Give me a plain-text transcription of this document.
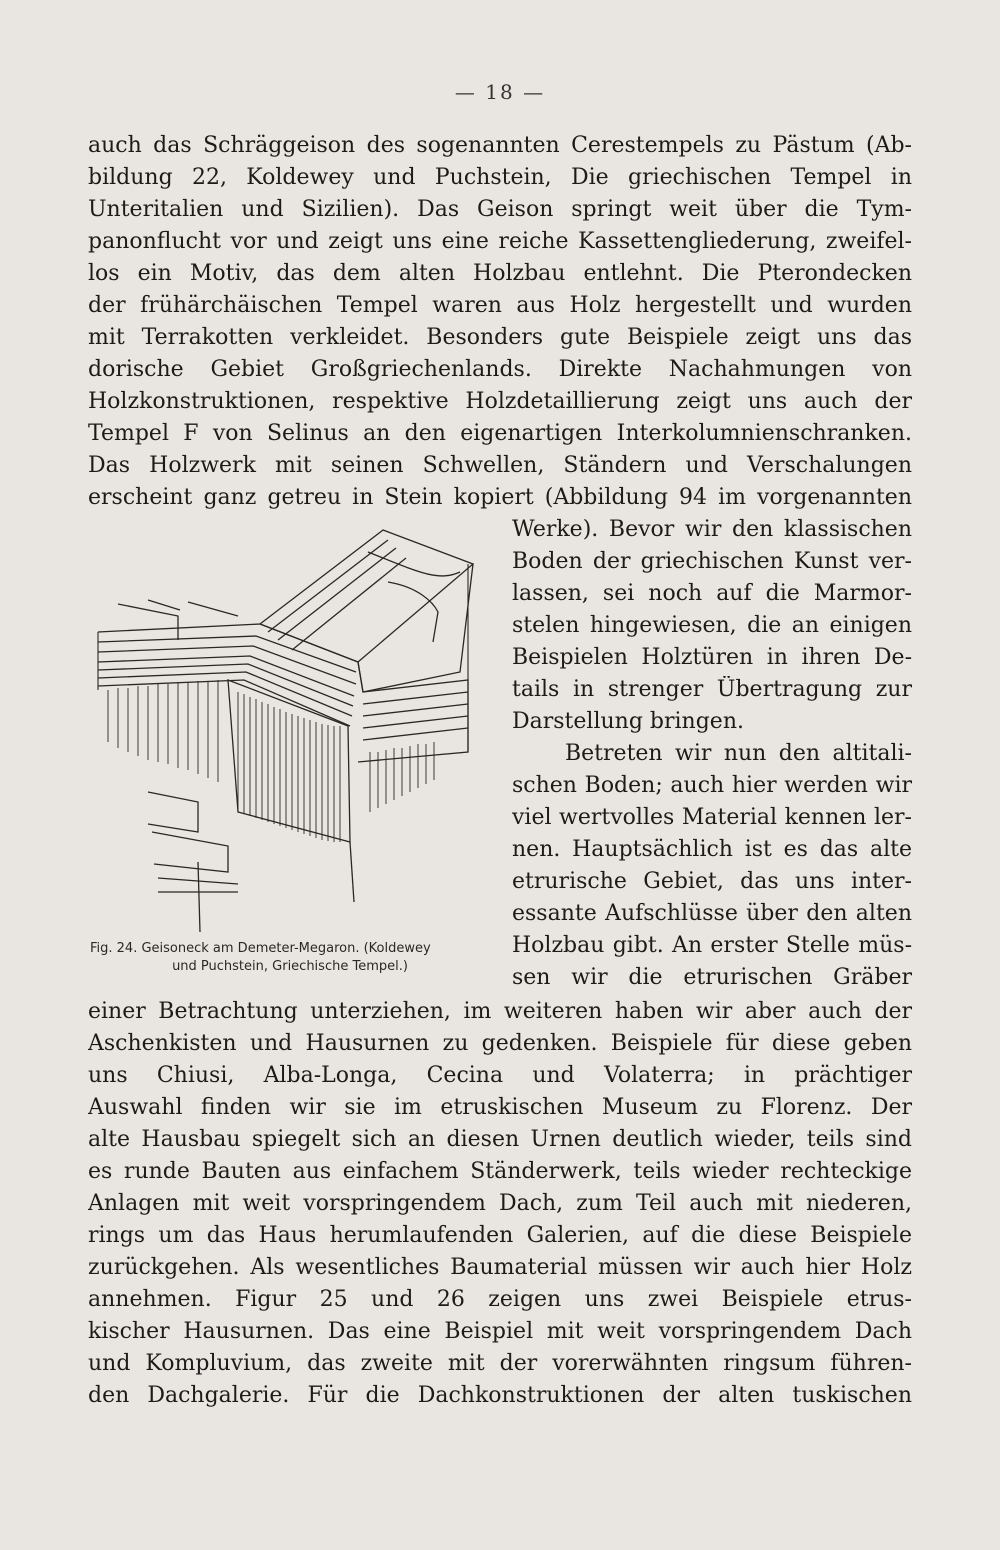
— 18 —
auch das Schräggeison des sogenannten Cerestempels zu Pästum (Ab-
bildung 22, Koldewey und Puchstein, Die griechischen Tempel in
Unteritalien und Sizilien). Das Geison springt weit über die Tym-
panonflucht vor und zeigt uns eine reiche Kassettengliederung, zweifel-
los ein Motiv, das dem alten Holzbau entlehnt. Die Pterondecken
der frühärchäischen Tempel waren aus Holz hergestellt und wurden
mit Terrakotten verkleidet. Besonders gute Beispiele zeigt uns das
dorische Gebiet Großgriechenlands. Direkte Nachahmungen von
Holzkonstruktionen, respektive Holzdetaillierung zeigt uns auch der
Tempel F von Selinus an den eigenartigen Interkolumnienschranken.
Das Holzwerk mit seinen Schwellen, Ständern und Verschalungen
erscheint ganz getreu in Stein kopiert (Abbildung 94 im vorgenannten
Fig. 24. Geisoneck am Demeter-Megaron. (Koldewey
und Puchstein, Griechische Tempel.)
Werke). Bevor wir den klassischen
Boden der griechischen Kunst ver-
lassen, sei noch auf die Marmor-
stelen hingewiesen, die an einigen
Beispielen Holztüren in ihren De-
tails in strenger Übertragung zur
Darstellung bringen.
Betreten wir nun den altitali-
schen Boden; auch hier werden wir
viel wertvolles Material kennen ler-
nen. Hauptsächlich ist es das alte
etrurische Gebiet, das uns inter-
essante Aufschlüsse über den alten
Holzbau gibt. An erster Stelle müs-
sen wir die etrurischen Gräber
einer Betrachtung unterziehen, im weiteren haben wir aber auch der
Aschenkisten und Hausurnen zu gedenken. Beispiele für diese geben
uns Chiusi, Alba-Longa, Cecina und Volaterra; in prächtiger
Auswahl finden wir sie im etruskischen Museum zu Florenz. Der
alte Hausbau spiegelt sich an diesen Urnen deutlich wieder, teils sind
es runde Bauten aus einfachem Ständerwerk, teils wieder rechteckige
Anlagen mit weit vorspringendem Dach, zum Teil auch mit niederen,
rings um das Haus herumlaufenden Galerien, auf die diese Beispiele
zurückgehen. Als wesentliches Baumaterial müssen wir auch hier Holz
annehmen. Figur 25 und 26 zeigen uns zwei Beispiele etrus-
kischer Hausurnen. Das eine Beispiel mit weit vorspringendem Dach
und Kompluvium, das zweite mit der vorerwähnten ringsum führen-
den Dachgalerie. Für die Dachkonstruktionen der alten tuskischen
